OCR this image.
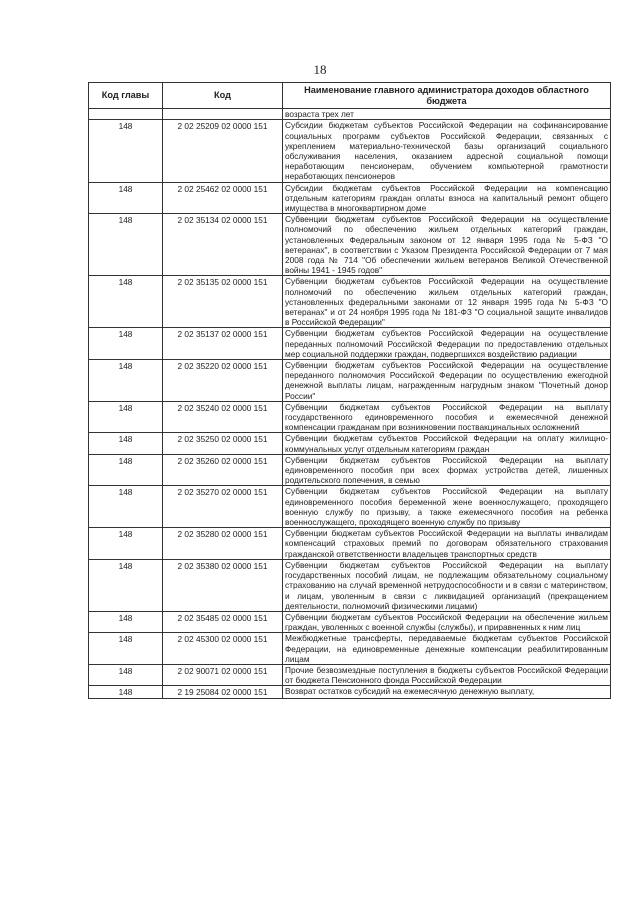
18
Код главы	Код	Наименование главного администратора доходов областного бюджета
		возраста трех лет
148	2 02 25209 02 0000 151	Субсидии бюджетам субъектов Российской Федерации на софинансирование социальных программ субъектов Российской Федерации, связанных с укреплением материально-технической базы организаций социального обслуживания населения, оказанием адресной социальной помощи неработающим пенсионерам, обучением компьютерной грамотности неработающих пенсионеров
148	2 02 25462 02 0000 151	Субсидии бюджетам субъектов Российской Федерации на компенсацию отдельным категориям граждан оплаты взноса на капитальный ремонт общего имущества в многоквартирном доме
148	2 02 35134 02 0000 151	Субвенции бюджетам субъектов Российской Федерации на осуществление полномочий по обеспечению жильем отдельных категорий граждан, установленных Федеральным законом от 12 января 1995 года № 5-ФЗ "О ветеранах", в соответствии с Указом Президента Российской Федерации от 7 мая 2008 года № 714 "Об обеспечении жильем ветеранов Великой Отечественной войны 1941 - 1945 годов"
148	2 02 35135 02 0000 151	Субвенции бюджетам субъектов Российской Федерации на осуществление полномочий по обеспечению жильем отдельных категорий граждан, установленных федеральными законами от 12 января 1995 года № 5-ФЗ "О ветеранах" и от 24 ноября 1995 года № 181-ФЗ "О социальной защите инвалидов в Российской Федерации"
148	2 02 35137 02 0000 151	Субвенции бюджетам субъектов Российской Федерации на осуществление переданных полномочий Российской Федерации по предоставлению отдельных мер социальной поддержки граждан, подвергшихся воздействию радиации
148	2 02 35220 02 0000 151	Субвенции бюджетам субъектов Российской Федерации на осуществление переданного полномочия Российской Федерации по осуществлению ежегодной денежной выплаты лицам, награжденным нагрудным знаком "Почетный донор России"
148	2 02 35240 02 0000 151	Субвенции бюджетам субъектов Российской Федерации на выплату государственного единовременного пособия и ежемесячной денежной компенсации гражданам при возникновении поствакцинальных осложнений
148	2 02 35250 02 0000 151	Субвенции бюджетам субъектов Российской Федерации на оплату жилищно-коммунальных услуг отдельным категориям граждан
148	2 02 35260 02 0000 151	Субвенции бюджетам субъектов Российской Федерации на выплату единовременного пособия при всех формах устройства детей, лишенных родительского попечения, в семью
148	2 02 35270 02 0000 151	Субвенции бюджетам субъектов Российской Федерации на выплату единовременного пособия беременной жене военнослужащего, проходящего военную службу по призыву, а также ежемесячного пособия на ребенка военнослужащего, проходящего военную службу по призыву
148	2 02 35280 02 0000 151	Субвенции бюджетам субъектов Российской Федерации на выплаты инвалидам компенсаций страховых премий по договорам обязательного страхования гражданской ответственности владельцев транспортных средств
148	2 02 35380 02 0000 151	Субвенции бюджетам субъектов Российской Федерации на выплату государственных пособий лицам, не подлежащим обязательному социальному страхованию на случай временной нетрудоспособности и в связи с материнством, и лицам, уволенным в связи с ликвидацией организаций (прекращением деятельности, полномочий физическими лицами)
148	2 02 35485 02 0000 151	Субвенции бюджетам субъектов Российской Федерации на обеспечение жильем граждан, уволенных с военной службы (службы), и приравненных к ним лиц
148	2 02 45300 02 0000 151	Межбюджетные трансферты, передаваемые бюджетам субъектов Российской Федерации, на единовременные денежные компенсации реабилитированным лицам
148	2 02 90071 02 0000 151	Прочие безвозмездные поступления в бюджеты субъектов Российской Федерации от бюджета Пенсионного фонда Российской Федерации
148	2 19 25084 02 0000 151	Возврат остатков субсидий на ежемесячную денежную выплату,
